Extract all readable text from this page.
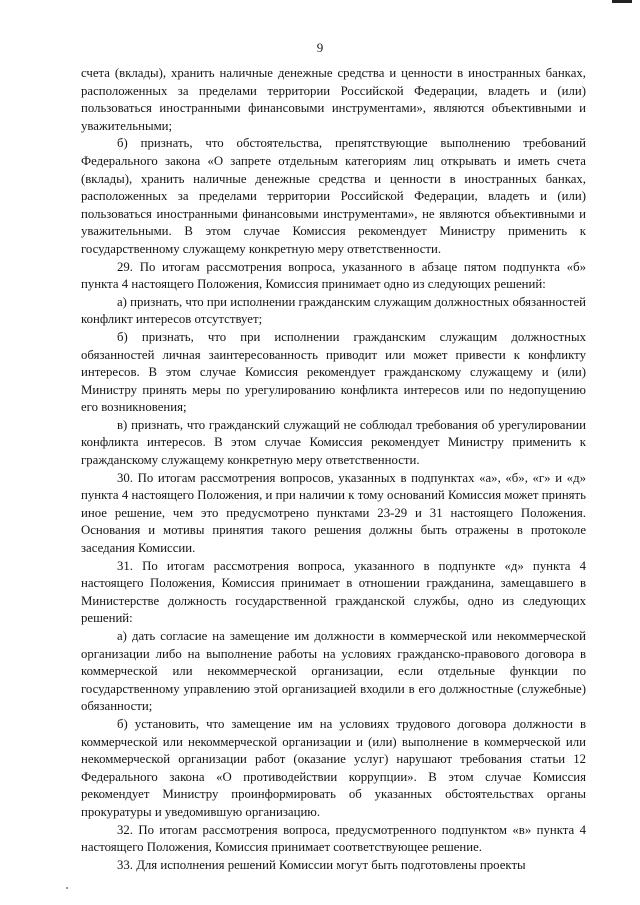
9

счета (вклады), хранить наличные денежные средства и ценности в иностранных банках, расположенных за пределами территории Российской Федерации, владеть и (или) пользоваться иностранными финансовыми инструментами», являются объективными и уважительными;

б) признать, что обстоятельства, препятствующие выполнению требований Федерального закона «О запрете отдельным категориям лиц открывать и иметь счета (вклады), хранить наличные денежные средства и ценности в иностранных банках, расположенных за пределами территории Российской Федерации, владеть и (или) пользоваться иностранными финансовыми инструментами», не являются объективными и уважительными. В этом случае Комиссия рекомендует Министру применить к государственному служащему конкретную меру ответственности.

29. По итогам рассмотрения вопроса, указанного в абзаце пятом подпункта «б» пункта 4 настоящего Положения, Комиссия принимает одно из следующих решений:

а) признать, что при исполнении гражданским служащим должностных обязанностей конфликт интересов отсутствует;

б) признать, что при исполнении гражданским служащим должностных обязанностей личная заинтересованность приводит или может привести к конфликту интересов. В этом случае Комиссия рекомендует гражданскому служащему и (или) Министру принять меры по урегулированию конфликта интересов или по недопущению его возникновения;

в) признать, что гражданский служащий не соблюдал требования об урегулировании конфликта интересов. В этом случае Комиссия рекомендует Министру применить к гражданскому служащему конкретную меру ответственности.

30. По итогам рассмотрения вопросов, указанных в подпунктах «а», «б», «г» и «д» пункта 4 настоящего Положения, и при наличии к тому оснований Комиссия может принять иное решение, чем это предусмотрено пунктами 23-29 и 31 настоящего Положения. Основания и мотивы принятия такого решения должны быть отражены в протоколе заседания Комиссии.

31. По итогам рассмотрения вопроса, указанного в подпункте «д» пункта 4 настоящего Положения, Комиссия принимает в отношении гражданина, замещавшего в Министерстве должность государственной гражданской службы, одно из следующих решений:

а) дать согласие на замещение им должности в коммерческой или некоммерческой организации либо на выполнение работы на условиях гражданско-правового договора в коммерческой или некоммерческой организации, если отдельные функции по государственному управлению этой организацией входили в его должностные (служебные) обязанности;

б) установить, что замещение им на условиях трудового договора должности в коммерческой или некоммерческой организации и (или) выполнение в коммерческой или некоммерческой организации работ (оказание услуг) нарушают требования статьи 12 Федерального закона «О противодействии коррупции». В этом случае Комиссия рекомендует Министру проинформировать об указанных обстоятельствах органы прокуратуры и уведомившую организацию.

32. По итогам рассмотрения вопроса, предусмотренного подпунктом «в» пункта 4 настоящего Положения, Комиссия принимает соответствующее решение.

33. Для исполнения решений Комиссии могут быть подготовлены проекты
